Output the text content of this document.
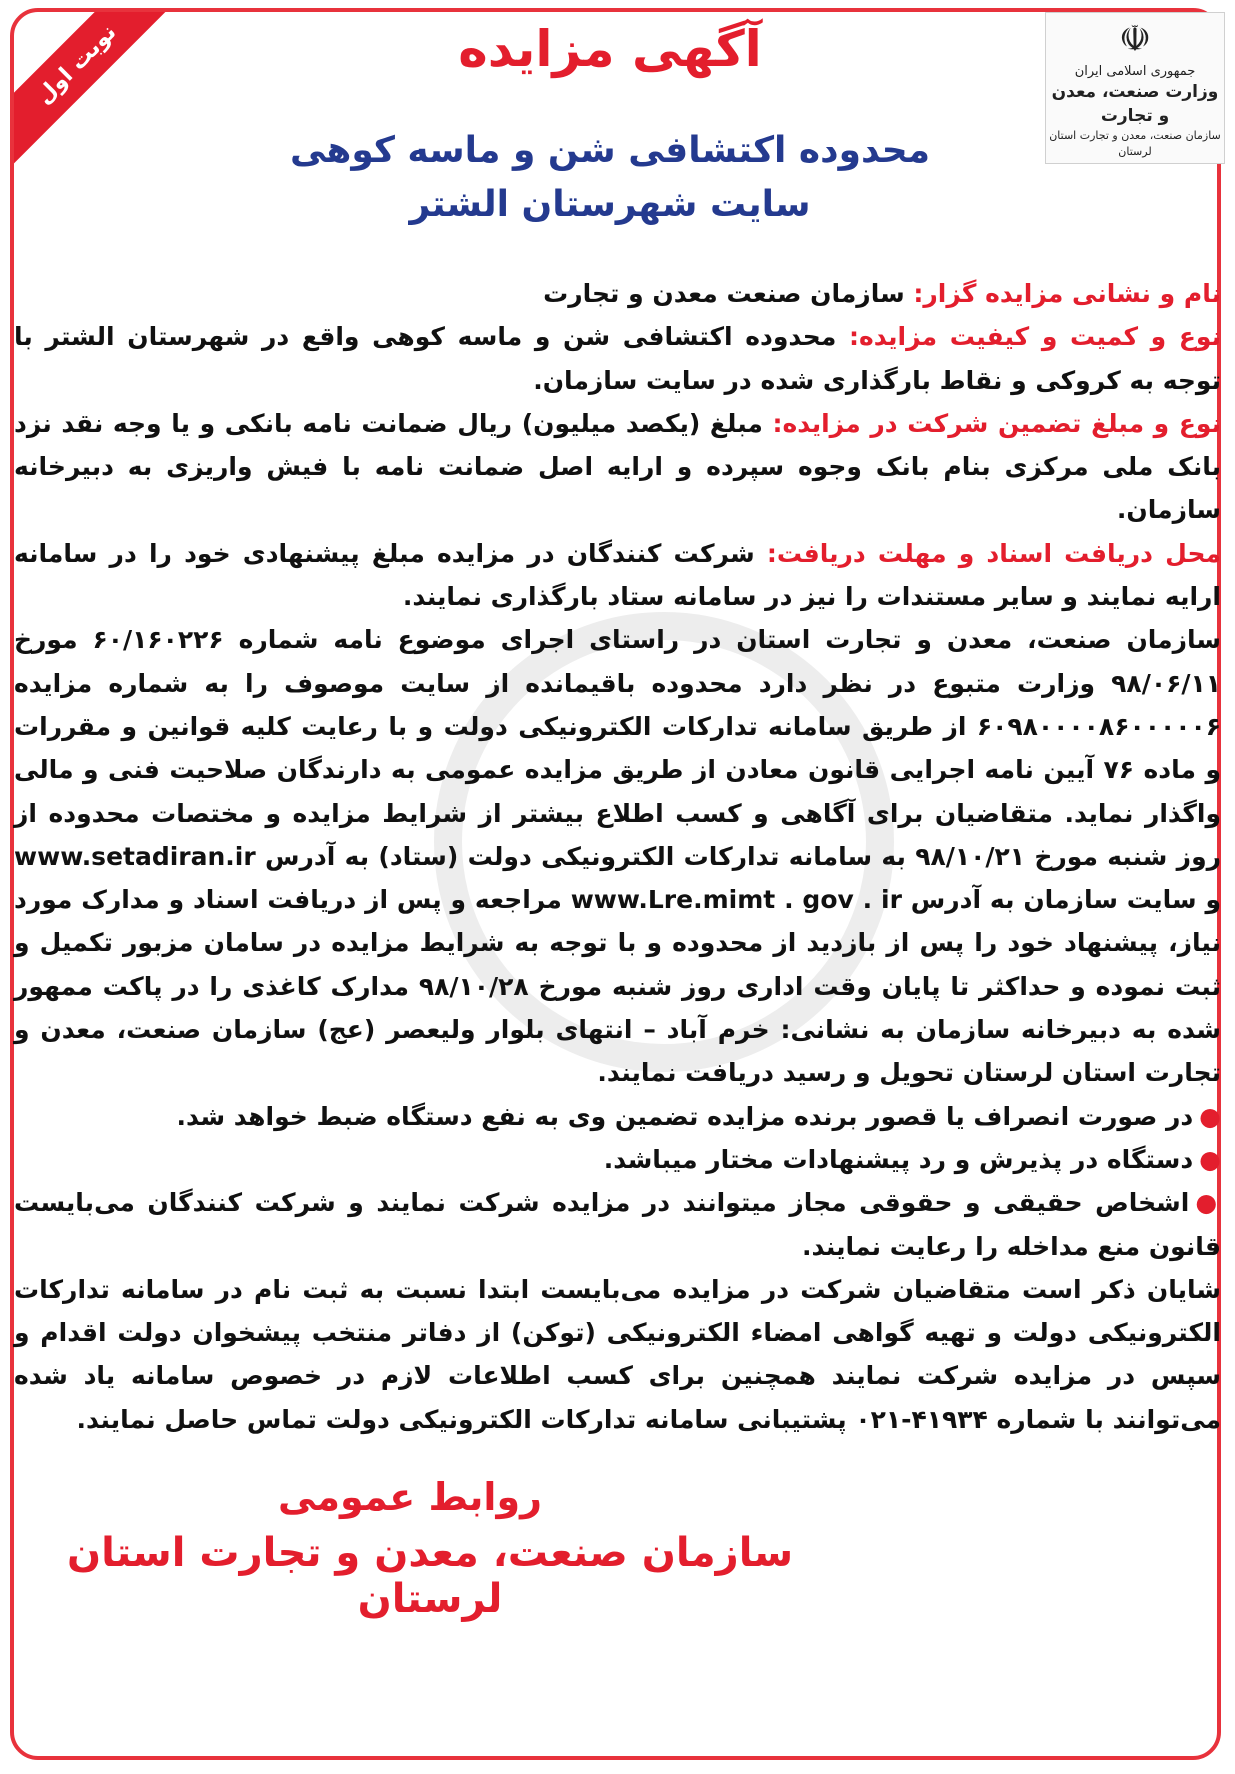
نوبت اول	☫
جمهوری اسلامی ایران
وزارت صنعت، معدن و تجارت
سازمان صنعت، معدن و تجارت استان لرستان
آگهی مزایده
محدوده اکتشافی شن و ماسه کوهی
سایت شهرستان الشتر

نام و نشانی مزایده گزار: سازمان صنعت معدن و تجارت

نوع و کمیت و کیفیت مزایده: محدوده اکتشافی شن و ماسه کوهی واقع در شهرستان الشتر با توجه به کروکی و نقاط بارگذاری شده در سایت سازمان.

نوع و مبلغ تضمین شرکت در مزایده: مبلغ (یکصد میلیون) ریال ضمانت نامه بانکی و یا وجه نقد نزد بانک ملی مرکزی بنام بانک وجوه سپرده و ارایه اصل ضمانت نامه با فیش واریزی به دبیرخانه سازمان.

محل دریافت اسناد و مهلت دریافت: شرکت کنندگان در مزایده مبلغ پیشنهادی خود را در سامانه ارایه نمایند و سایر مستندات را نیز در سامانه ستاد بارگذاری نمایند.

سازمان صنعت، معدن و تجارت استان در راستای اجرای موضوع نامه شماره ۶۰/۱۶۰۲۲۶ مورخ ۹۸/۰۶/۱۱ وزارت متبوع در نظر دارد محدوده باقیمانده از سایت موصوف را به شماره مزایده ۶۰۹۸۰۰۰۰۸۶۰۰۰۰۰۶ از طریق سامانه تدارکات الکترونیکی دولت و با رعایت کلیه قوانین و مقررات و ماده ۷۶ آیین نامه اجرایی قانون معادن از طریق مزایده عمومی به دارندگان صلاحیت فنی و مالی واگذار نماید. متقاضیان برای آگاهی و کسب اطلاع بیشتر از شرایط مزایده و مختصات محدوده از روز شنبه مورخ ۹۸/۱۰/۲۱ به سامانه تدارکات الکترونیکی دولت (ستاد) به آدرس www.setadiran.ir و سایت سازمان به آدرس www.Lre.mimt . gov . ir مراجعه و پس از دریافت اسناد و مدارک مورد نیاز، پیشنهاد خود را پس از بازدید از محدوده و با توجه به شرایط مزایده در سامان مزبور تکمیل و ثبت نموده و حداکثر تا پایان وقت اداری روز شنبه مورخ ۹۸/۱۰/۲۸ مدارک کاغذی را در پاکت ممهور شده به دبیرخانه سازمان به نشانی: خرم آباد – انتهای بلوار ولیعصر (عج) سازمان صنعت، معدن و تجارت استان لرستان تحویل و رسید دریافت نمایند.

●در صورت انصراف یا قصور برنده مزایده تضمین وی به نفع دستگاه ضبط خواهد شد.

●دستگاه در پذیرش و رد پیشنهادات مختار میباشد.

●اشخاص حقیقی و حقوقی مجاز میتوانند در مزایده شرکت نمایند و شرکت کنندگان می‌بایست قانون منع مداخله را رعایت نمایند.

شایان ذکر است متقاضیان شرکت در مزایده می‌بایست ابتدا نسبت به ثبت نام در سامانه تدارکات الکترونیکی دولت و تهیه گواهی امضاء الکترونیکی (توکن) از دفاتر منتخب پیشخوان دولت اقدام و سپس در مزایده شرکت نمایند همچنین برای کسب اطلاعات لازم در خصوص سامانه یاد شده می‌توانند با شماره ۴۱۹۳۴-۰۲۱ پشتیبانی سامانه تدارکات الکترونیکی دولت تماس حاصل نمایند.

روابط عمومی
سازمان صنعت، معدن و تجارت استان لرستان
